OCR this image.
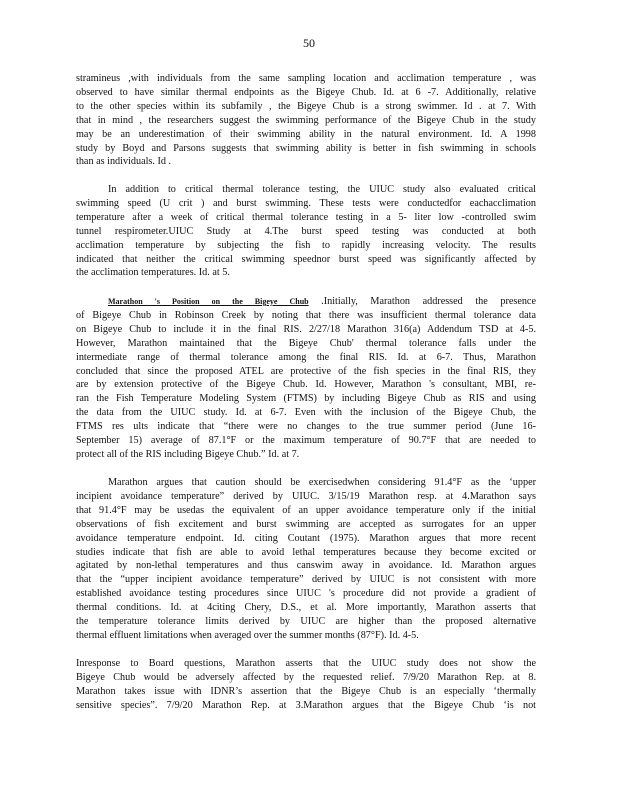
50
stramineus ,with individuals from the same sampling location and acclimation temperature , was
observed to have similar thermal endpoints as the Bigeye Chub. Id. at 6 -7. Additionally, relative
to the other species within its subfamily , the Bigeye Chub is a strong swimmer. Id . at 7. With
that in mind , the researchers suggest the swimming performance of the Bigeye Chub in the study
may be an underestimation of their swimming ability in the natural environment. Id. A 1998
study by Boyd and Parsons suggests that swimming ability is better in fish swimming in schools
than as individuals. Id .
In addition to critical thermal tolerance testing, the UIUC study also evaluated critical
swimming speed (U crit ) and burst swimming. These tests were conductedfor eachacclimation
temperature after a week of critical thermal tolerance testing in a 5- liter low -controlled swim
tunnel respirometer.UIUC Study at 4.The burst speed testing was conducted at both
acclimation temperature by subjecting the fish to rapidly increasing velocity. The results
indicated that neither the critical swimming speednor burst speed was significantly affected by
the acclimation temperatures. Id. at 5.
Marathon 's Position on the Bigeye Chub .Initially, Marathon addressed the presence
of Bigeye Chub in Robinson Creek by noting that there was insufficient thermal tolerance data
on Bigeye Chub to include it in the final RIS. 2/27/18 Marathon 316(a) Addendum TSD at 4-5.
However, Marathon maintained that the Bigeye Chub' thermal tolerance falls under the
intermediate range of thermal tolerance among the final RIS. Id. at 6-7. Thus, Marathon
concluded that since the proposed ATEL are protective of the fish species in the final RIS, they
are by extension protective of the Bigeye Chub. Id. However, Marathon 's consultant, MBI, re-
ran the Fish Temperature Modeling System (FTMS) by including Bigeye Chub as RIS and using
the data from the UIUC study. Id. at 6-7. Even with the inclusion of the Bigeye Chub, the
FTMS res ults indicate that “there were no changes to the true summer period (June 16-
September 15) average of 87.1°F or the maximum temperature of 90.7°F that are needed to
protect all of the RIS including Bigeye Chub.” Id. at 7.
Marathon argues that caution should be exercisedwhen considering 91.4°F as the ‘upper
incipient avoidance temperature” derived by UIUC. 3/15/19 Marathon resp. at 4.Marathon says
that 91.4°F may be usedas the equivalent of an upper avoidance temperature only if the initial
observations of fish excitement and burst swimming are accepted as surrogates for an upper
avoidance temperature endpoint. Id. citing Coutant (1975). Marathon argues that more recent
studies indicate that fish are able to avoid lethal temperatures because they become excited or
agitated by non-lethal temperatures and thus canswim away in avoidance. Id. Marathon argues
that the “upper incipient avoidance temperature” derived by UIUC is not consistent with more
established avoidance testing procedures since UIUC 's procedure did not provide a gradient of
thermal conditions. Id. at 4citing Chery, D.S., et al. More importantly, Marathon asserts that
the temperature tolerance limits derived by UIUC are higher than the proposed alternative
thermal effluent limitations when averaged over the summer months (87°F). Id. 4-5.
Inresponse to Board questions, Marathon asserts that the UIUC study does not show the
Bigeye Chub would be adversely affected by the requested relief. 7/9/20 Marathon Rep. at 8.
Marathon takes issue with IDNR’s assertion that the Bigeye Chub is an especially ‘thermally
sensitive species”. 7/9/20 Marathon Rep. at 3.Marathon argues that the Bigeye Chub ‘is not
